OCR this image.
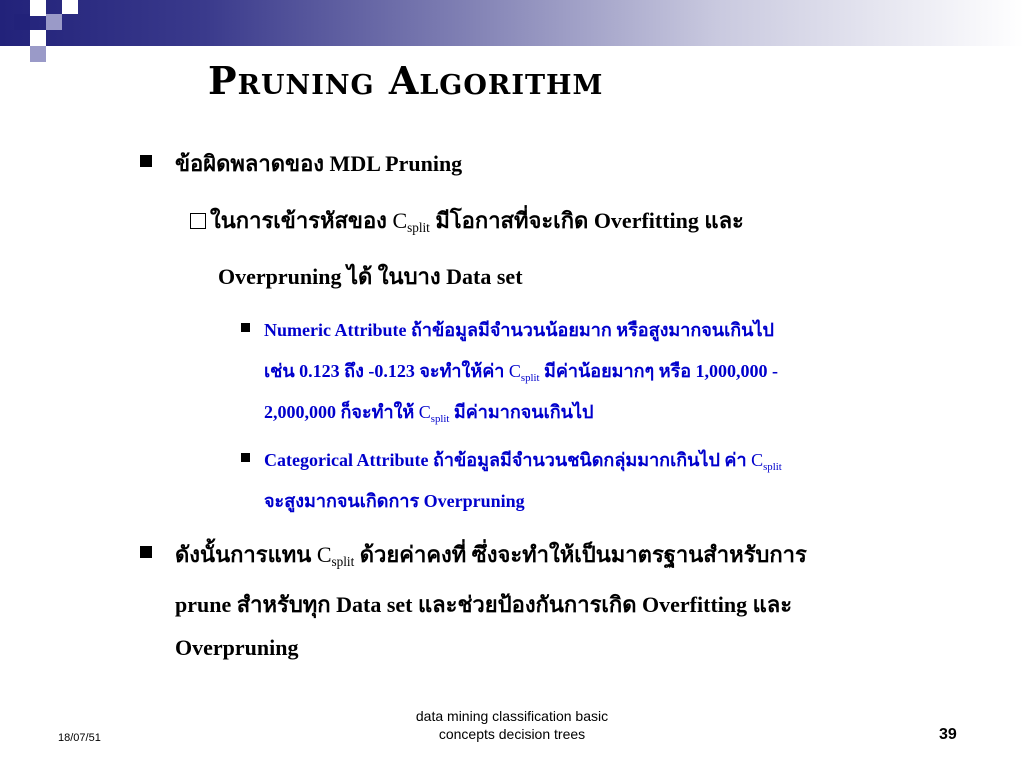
Pruning Algorithm
ข้อผิดพลาดของ MDL Pruning
ในการเข้ารหัสของ $C_{split}$ มีโอกาสที่จะเกิด Overfitting และ
Overpruning ได้ ในบาง Data set
Numeric Attribute ถ้าข้อมูลมีจำนวนน้อยมาก หรือสูงมากจนเกินไป
เช่น 0.123 ถึง -0.123 จะทำให้ค่า $C_{split}$ มีค่าน้อยมากๆ หรือ 1,000,000 -
2,000,000 ก็จะทำให้ $C_{split}$ มีค่ามากจนเกินไป
Categorical Attribute ถ้าข้อมูลมีจำนวนชนิดกลุ่มมากเกินไป ค่า $C_{split}$
จะสูงมากจนเกิดการ Overpruning
ดังนั้นการแทน $C_{split}$ ด้วยค่าคงที่ ซึ่งจะทำให้เป็นมาตรฐานสำหรับการ
prune สำหรับทุก Data set และช่วยป้องกันการเกิด Overfitting และ
Overpruning
18/07/51
data mining classification basic
concepts decision trees	39
